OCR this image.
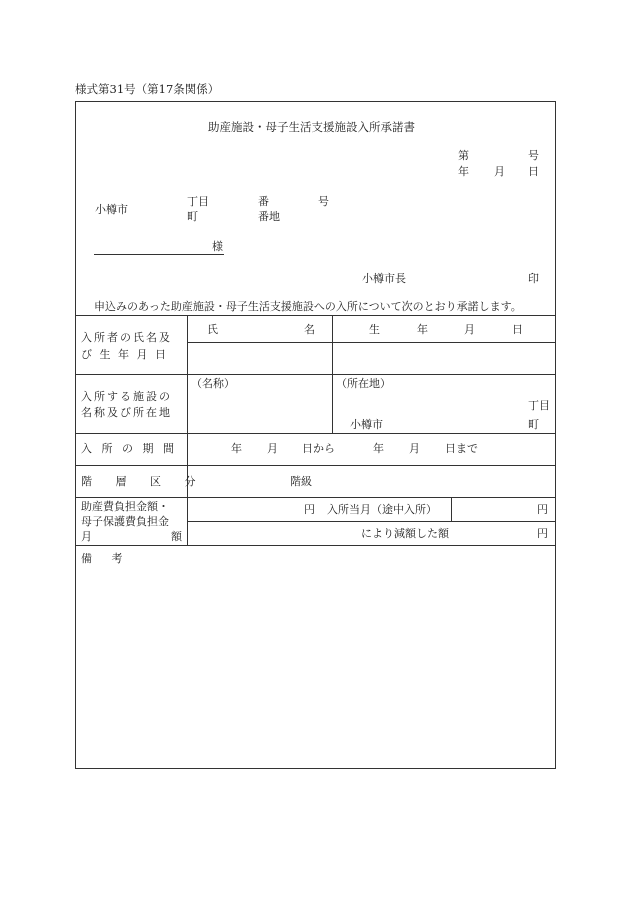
様式第31号（第17条関係）
助産施設・母子生活支援施設入所承諾書
第	号
年 月 日
小樽市
丁目
町
番
番地
号
様
小樽市長	印
申込みのあった助産施設・母子生活支援施設への入所について次のとおり承諾します。
入所者の氏名及
び 生 年 月 日
氏	名	生	年	月	日
入所する施設の
名称及び所在地
（名称）	（所在地）
丁目
小樽市	町
入 所 の 期 間	年 月 日から	年 月 日まで
階 層 区 分	階級
助産費負担金額・
母子保護費負担金
月	額
円 入所当月（途中入所）	円
により減額した額	円
備 考
